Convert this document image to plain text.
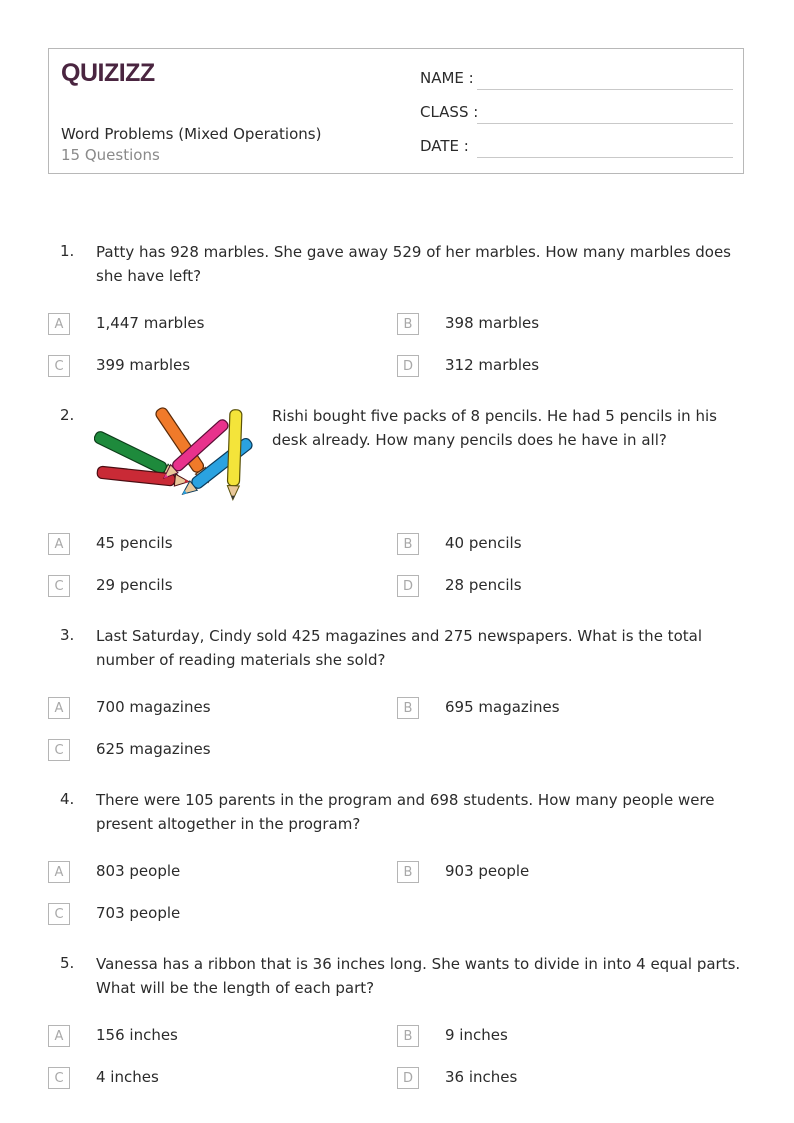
QUIZIZZ
Word Problems (Mixed Operations)
15 Questions
NAME :
CLASS :
DATE :
1. Patty has 928 marbles. She gave away 529 of her marbles. How many marbles does she have left?
A	1,447 marbles	B	398 marbles
C	399 marbles	D	312 marbles
2.	Rishi bought five packs of 8 pencils. He had 5 pencils in his desk already. How many pencils does he have in all?
A	45 pencils	B	40 pencils
C	29 pencils	D	28 pencils
3. Last Saturday, Cindy sold 425 magazines and 275 newspapers. What is the total number of reading materials she sold?
A	700 magazines	B	695 magazines
C	625 magazines
4. There were 105 parents in the program and 698 students. How many people were present altogether in the program?
A	803 people	B	903 people
C	703 people
5. Vanessa has a ribbon that is 36 inches long. She wants to divide in into 4 equal parts. What will be the length of each part?
A	156 inches	B	9 inches
C	4 inches	D	36 inches
